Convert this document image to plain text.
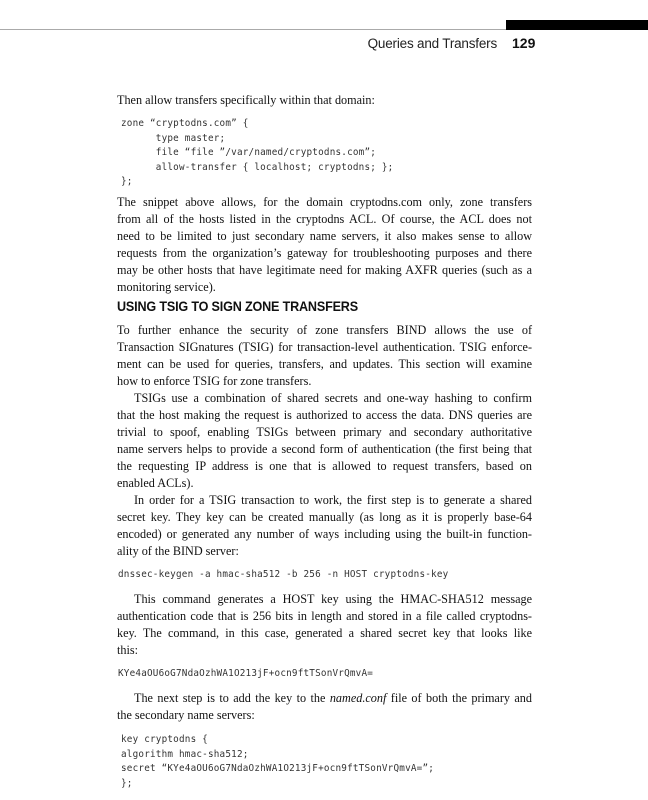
Queries and Transfers 129
Then allow transfers specifically within that domain:
zone “cryptodns.com” {
type master;
file “file ”/var/named/cryptodns.com”;
allow-transfer { localhost; cryptodns; };
};
The snippet above allows, for the domain cryptodns.com only, zone transfers
from all of the hosts listed in the cryptodns ACL. Of course, the ACL does not
need to be limited to just secondary name servers, it also makes sense to allow
requests from the organization’s gateway for troubleshooting purposes and there
may be other hosts that have legitimate need for making AXFR queries (such as a
monitoring service).
USING TSIG TO SIGN ZONE TRANSFERS
To further enhance the security of zone transfers BIND allows the use of
Transaction SIGnatures (TSIG) for transaction-level authentication. TSIG enforce-
ment can be used for queries, transfers, and updates. This section will examine
how to enforce TSIG for zone transfers.
TSIGs use a combination of shared secrets and one-way hashing to confirm
that the host making the request is authorized to access the data. DNS queries are
trivial to spoof, enabling TSIGs between primary and secondary authoritative
name servers helps to provide a second form of authentication (the first being that
the requesting IP address is one that is allowed to request transfers, based on
enabled ACLs).
In order for a TSIG transaction to work, the first step is to generate a shared
secret key. They key can be created manually (as long as it is properly base-64
encoded) or generated any number of ways including using the built-in function-
ality of the BIND server:
dnssec-keygen -a hmac-sha512 -b 256 -n HOST cryptodns-key
This command generates a HOST key using the HMAC-SHA512 message
authentication code that is 256 bits in length and stored in a file called cryptodns-
key. The command, in this case, generated a shared secret key that looks like
this:
KYe4aOU6oG7NdaOzhWA1O213jF+ocn9ftTSonVrQmvA=
The next step is to add the key to the named.conf file of both the primary and
the secondary name servers:
key cryptodns {
algorithm hmac-sha512;
secret “KYe4aOU6oG7NdaOzhWA1O213jF+ocn9ftTSonVrQmvA=”;
};
